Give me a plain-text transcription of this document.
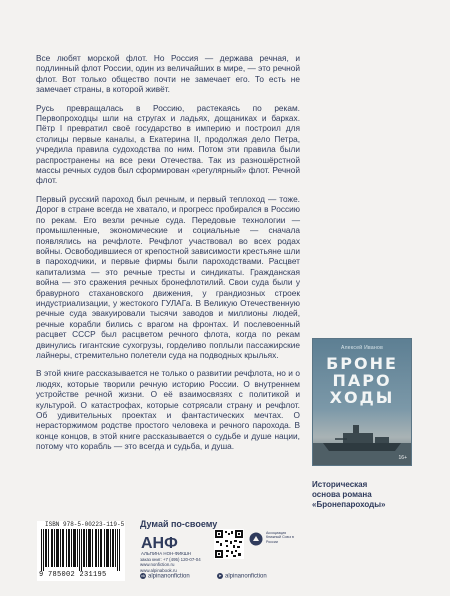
Все любят морской флот. Но Россия — держава речная, и подлинный флот России, один из величайших в мире, — это речной флот. Вот только общество почти не замечает его. То есть не замечает страны, в которой живёт.

Русь превращалась в Россию, растекаясь по рекам. Первопроходцы шли на стругах и ладьях, дощаниках и барках. Пётр I превратил своё государство в империю и построил для столицы первые каналы, а Екатерина II, продолжая дело Петра, учредила правила судоходства по ним. Потом эти правила были распространены на все реки Отечества. Так из разношёрстной массы речных судов был сформирован «регулярный» флот. Речной флот.

Первый русский пароход был речным, и первый теплоход — тоже. Дорог в стране всегда не хватало, и прогресс пробирался в Россию по рекам. Его везли речные суда. Передовые технологии — промышленные, экономические и социальные — сначала появлялись на речфлоте. Речфлот участвовал во всех родах войны. Освободившиеся от крепостной зависимости крестьяне шли в пароходчики, и первые фирмы были пароходствами. Расцвет капитализма — это речные тресты и синдикаты. Гражданская война — это сражения речных бронефлотилий. Свои суда были у бравурного стахановского движения, у грандиозных строек индустриализации, у жестокого ГУЛАГа. В Великую Отечественную речные суда эвакуировали тысячи заводов и миллионы людей, речные корабли бились с врагом на фронтах. И послевоенный расцвет СССР был расцветом речного флота, когда по рекам двинулись гигантские сухогрузы, горделиво поплыли пассажирские лайнеры, стремительно полетели суда на подводных крыльях.

В этой книге рассказывается не только о развитии речфлота, но и о людях, которые творили речную историю России. О внутреннем устройстве речной жизни. О её взаимосвязях с политикой и культурой. О катастрофах, которые сотрясали страну и речфлот. Об удивительных проектах и фантастических мечтах. О нерасторжимом родстве простого человека и речного парохода. В конце концов, в этой книге рассказывается о судьбе и душе нации, потому что корабль — это всегда и судьба, и душа.

Алексей Иванов
БРОНЕ
ПАРО
ХОДЫ
16+
Историческая
основа романа
«Бронепароходы»
ISBN 978-5-00223-119-5
9 785002 231195
Думай по-своему
АНФ
АЛЬПИНА НОН-ФИКШН
заказ книг: +7 (495) 120-07-04
www.nonfiction.ru
www.alpinabook.ru
Ассоциация Книжный Союз в России
vk alpinanonfiction	➤ alpinanonfiction
